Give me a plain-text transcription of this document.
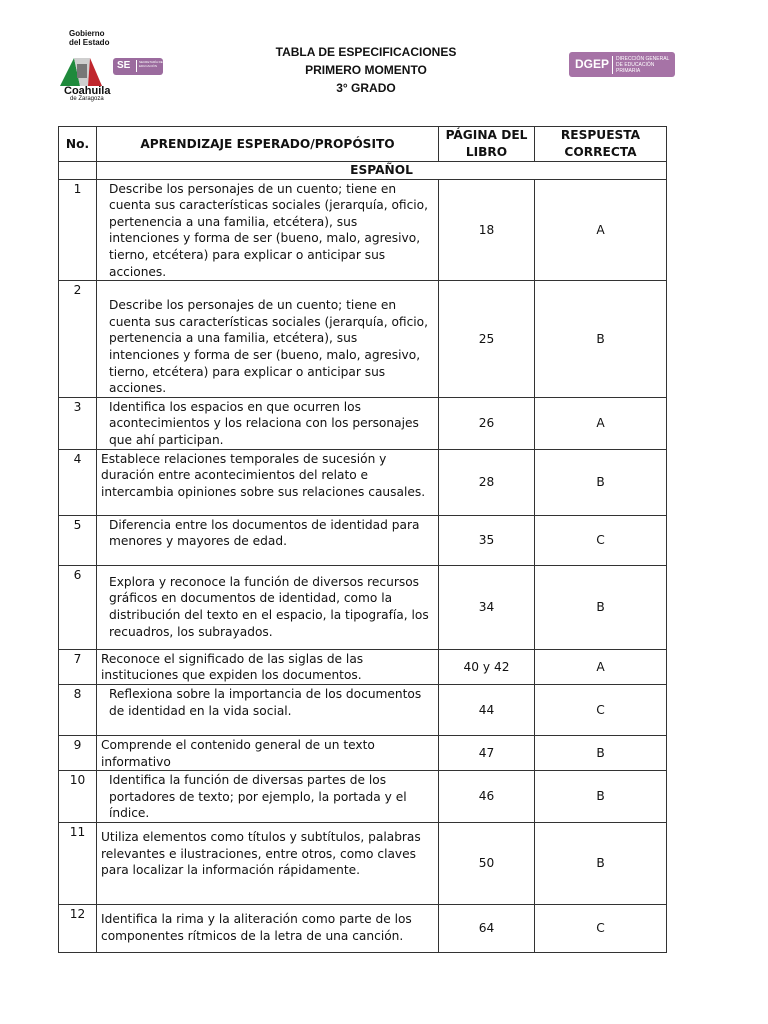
Gobierno
del Estado
SE	SECRETARÍA DE EDUCACIÓN
Coahuila
de Zaragoza
DGEP	DIRECCIÓN GENERAL DE EDUCACIÓN PRIMARIA
TABLA DE ESPECIFICACIONES
PRIMERO MOMENTO
3° GRADO
No.	APRENDIZAJE ESPERADO/PROPÓSITO	PÁGINA DEL LIBRO	RESPUESTA CORRECTA
	ESPAÑOL		
1	Describe los personajes de un cuento; tiene en cuenta sus características sociales (jerarquía, oficio, pertenencia a una familia, etcétera), sus intenciones y forma de ser (bueno, malo, agresivo, tierno, etcétera) para explicar o anticipar sus acciones.	18	A
2	Describe los personajes de un cuento; tiene en cuenta sus características sociales (jerarquía, oficio, pertenencia a una familia, etcétera), sus intenciones y forma de ser (bueno, malo, agresivo, tierno, etcétera) para explicar o anticipar sus acciones.	25	B
3	Identifica los espacios en que ocurren los acontecimientos y los relaciona con los personajes que ahí participan.	26	A
4	Establece relaciones temporales de sucesión y duración entre acontecimientos del relato e intercambia opiniones sobre sus relaciones causales.	28	B
5	Diferencia entre los documentos de identidad para menores y mayores de edad.	35	C
6	Explora y reconoce la función de diversos recursos gráficos en documentos de identidad, como la distribución del texto en el espacio, la tipografía, los recuadros, los subrayados.	34	B
7	Reconoce el significado de las siglas de las instituciones que expiden los documentos.	40 y 42	A
8	Reflexiona sobre la importancia de los documentos de identidad en la vida social.	44	C
9	Comprende el contenido general de un texto informativo	47	B
10	Identifica la función de diversas partes de los portadores de texto; por ejemplo, la portada y el índice.	46	B
11	Utiliza elementos como títulos y subtítulos, palabras relevantes e ilustraciones, entre otros, como claves para localizar la información rápidamente.	50	B
12	Identifica la rima y la aliteración como parte de los componentes rítmicos de la letra de una canción.	64	C
